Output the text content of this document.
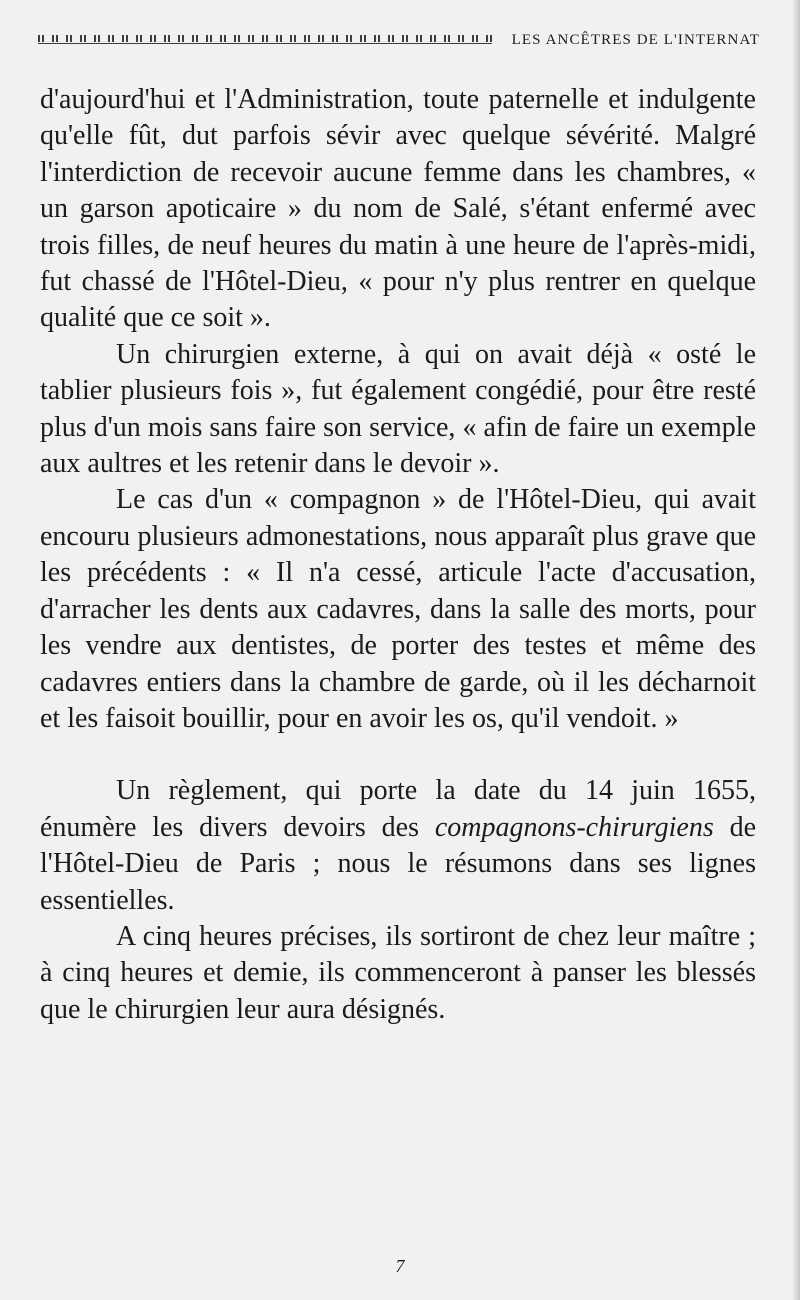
LES ANCÊTRES DE L'INTERNAT

d'aujourd'hui et l'Administration, toute paternelle et indulgente qu'elle fût, dut parfois sévir avec quelque sévérité. Malgré l'interdiction de recevoir aucune femme dans les chambres, « un garson apoticaire » du nom de Salé, s'étant enfermé avec trois filles, de neuf heures du matin à une heure de l'après-midi, fut chassé de l'Hôtel-Dieu, « pour n'y plus rentrer en quelque qualité que ce soit ».

Un chirurgien externe, à qui on avait déjà « osté le tablier plusieurs fois », fut également congédié, pour être resté plus d'un mois sans faire son service, « afin de faire un exemple aux aultres et les retenir dans le devoir ».

Le cas d'un « compagnon » de l'Hôtel-Dieu, qui avait encouru plusieurs admonestations, nous apparaît plus grave que les précédents : « Il n'a cessé, articule l'acte d'accusation, d'arracher les dents aux cadavres, dans la salle des morts, pour les vendre aux dentistes, de porter des testes et même des cadavres entiers dans la chambre de garde, où il les décharnoit et les faisoit bouillir, pour en avoir les os, qu'il vendoit. »

Un règlement, qui porte la date du 14 juin 1655, énumère les divers devoirs des compagnons-chirurgiens de l'Hôtel-Dieu de Paris ; nous le résumons dans ses lignes essentielles.

A cinq heures précises, ils sortiront de chez leur maître ; à cinq heures et demie, ils commenceront à panser les blessés que le chirurgien leur aura désignés.

7
